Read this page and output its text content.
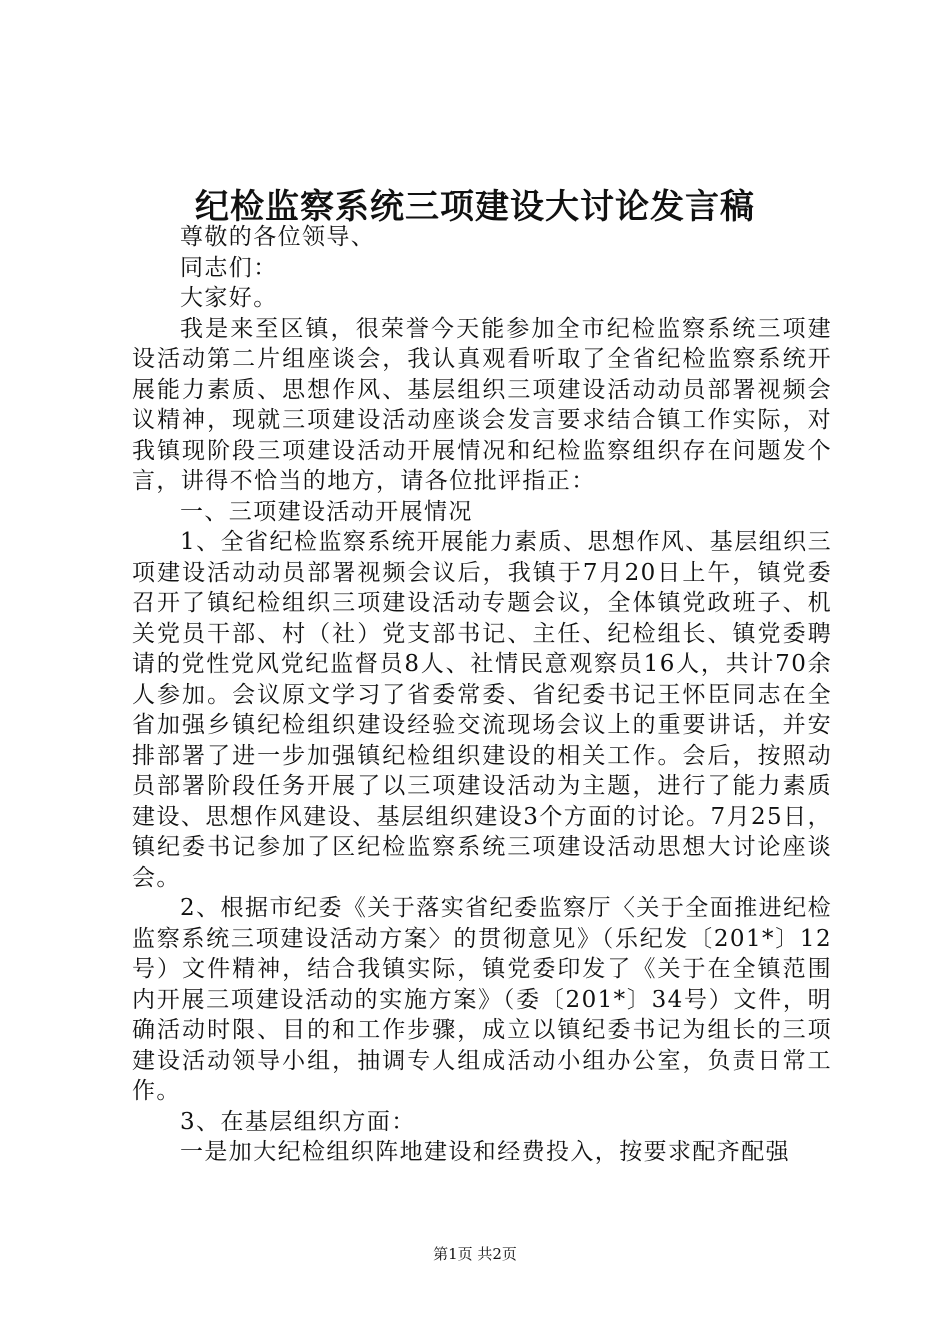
纪检监察系统三项建设大讨论发言稿

尊敬的各位领导、

同志们：

大家好。

我是来至区镇，很荣誉今天能参加全市纪检监察系统三项建设活动第二片组座谈会，我认真观看听取了全省纪检监察系统开展能力素质、思想作风、基层组织三项建设活动动员部署视频会议精神，现就三项建设活动座谈会发言要求结合镇工作实际，对我镇现阶段三项建设活动开展情况和纪检监察组织存在问题发个言，讲得不恰当的地方，请各位批评指正：

一、三项建设活动开展情况

1、全省纪检监察系统开展能力素质、思想作风、基层组织三项建设活动动员部署视频会议后，我镇于7月20日上午，镇党委召开了镇纪检组织三项建设活动专题会议，全体镇党政班子、机关党员干部、村（社）党支部书记、主任、纪检组长、镇党委聘请的党性党风党纪监督员8人、社情民意观察员16人，共计70余人参加。会议原文学习了省委常委、省纪委书记王怀臣同志在全省加强乡镇纪检组织建设经验交流现场会议上的重要讲话，并安排部署了进一步加强镇纪检组织建设的相关工作。会后，按照动员部署阶段任务开展了以三项建设活动为主题，进行了能力素质建设、思想作风建设、基层组织建设3个方面的讨论。7月25日，镇纪委书记参加了区纪检监察系统三项建设活动思想大讨论座谈会。

2、根据市纪委《关于落实省纪委监察厅〈关于全面推进纪检监察系统三项建设活动方案〉的贯彻意见》（乐纪发〔201*〕12号）文件精神，结合我镇实际，镇党委印发了《关于在全镇范围内开展三项建设活动的实施方案》（委〔201*〕34号）文件，明确活动时限、目的和工作步骤，成立以镇纪委书记为组长的三项建设活动领导小组，抽调专人组成活动小组办公室，负责日常工作。

3、在基层组织方面：

一是加大纪检组织阵地建设和经费投入，按要求配齐配强

第1页 共2页
